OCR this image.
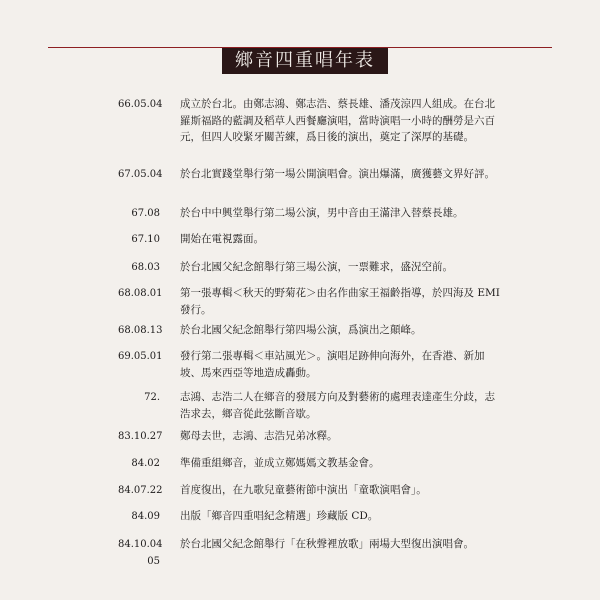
鄉音四重唱年表
66.05.04 成立於台北。由鄭志鴻、鄭志浩、蔡長雄、潘茂涼四人組成。在台北羅斯福路的藍調及稻草人西餐廳演唱，當時演唱一小時的酬勞是六百元，但四人咬緊牙關苦練，爲日後的演出，奠定了深厚的基礎。
67.05.04 於台北實踐堂舉行第一場公開演唱會。演出爆滿，廣獲藝文界好評。
67.08 於台中中興堂舉行第二場公演，男中音由王滿津入替蔡長雄。
67.10 開始在電視露面。
68.03 於台北國父紀念館舉行第三場公演，一票難求，盛況空前。
68.08.01 第一張專輯＜秋天的野菊花＞由名作曲家王福齡指導，於四海及 EMI 發行。
68.08.13 於台北國父紀念館舉行第四場公演，爲演出之顛峰。
69.05.01 發行第二張專輯＜車站風光＞。演唱足跡伸向海外，在香港、新加坡、馬來西亞等地造成轟動。
72. 志鴻、志浩二人在鄉音的發展方向及對藝術的處理表達產生分歧，志浩求去，鄉音從此弦斷音歇。
83.10.27 鄭母去世，志鴻、志浩兄弟冰釋。
84.02 準備重組鄉音，並成立鄭媽媽文教基金會。
84.07.22 首度復出，在九歌兒童藝術節中演出「童歌演唱會」。
84.09 出版「鄉音四重唱紀念精選」珍藏版 CD。
84.10.04
05
於台北國父紀念館舉行「在秋聲裡放歌」兩場大型復出演唱會。
